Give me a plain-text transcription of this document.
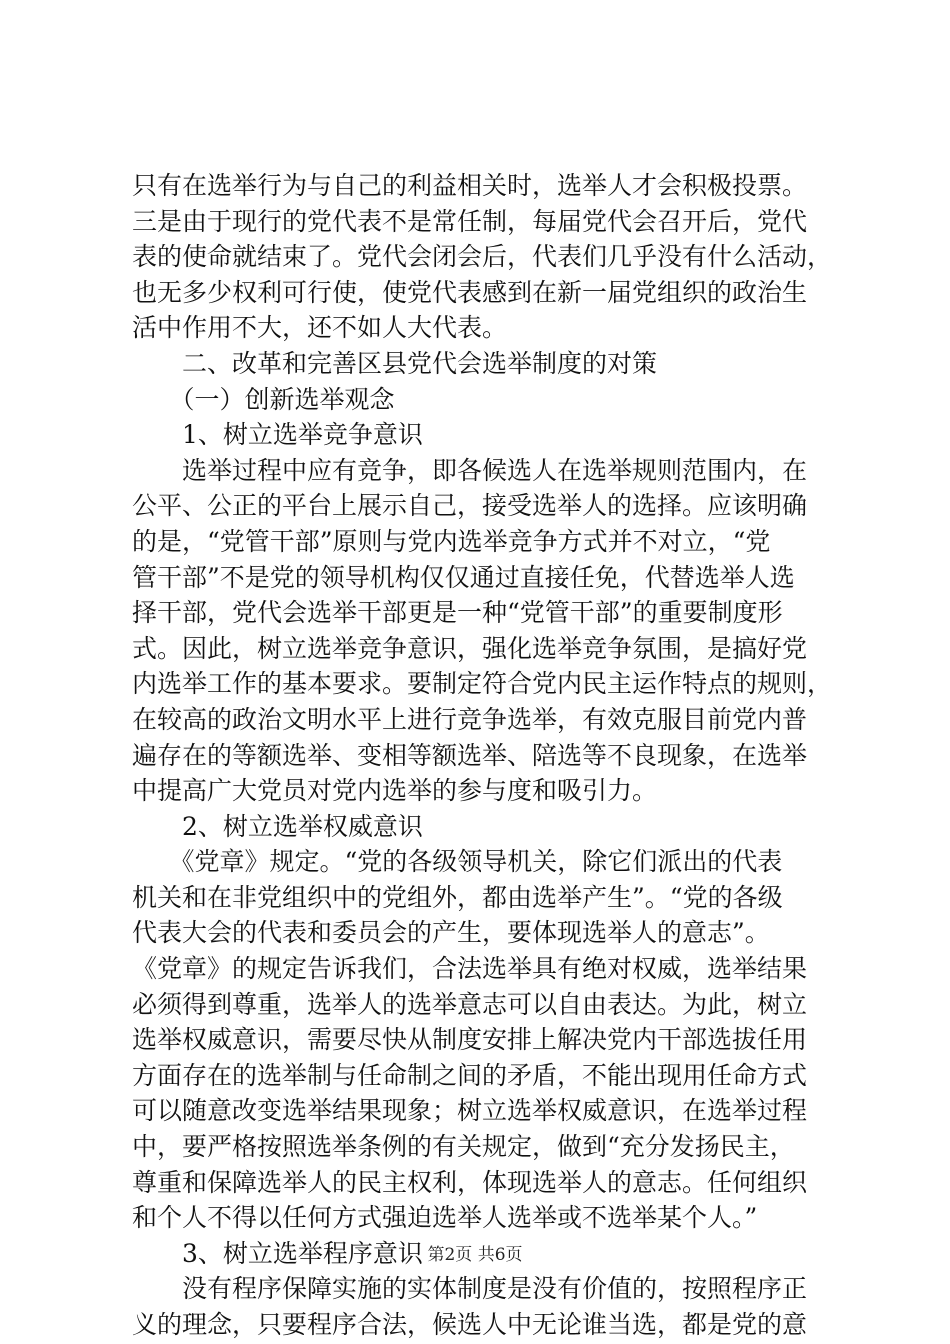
只有在选举行为与自己的利益相关时，选举人才会积极投票。
三是由于现行的党代表不是常任制，每届党代会召开后，党代
表的使命就结束了。党代会闭会后，代表们几乎没有什么活动，
也无多少权利可行使，使党代表感到在新一届党组织的政治生
活中作用不大，还不如人大代表。
　　二、改革和完善区县党代会选举制度的对策
　　（一）创新选举观念
　　1、树立选举竞争意识
　　选举过程中应有竞争，即各候选人在选举规则范围内，在
公平、公正的平台上展示自己，接受选举人的选择。应该明确
的是，“党管干部”原则与党内选举竞争方式并不对立，“党
管干部”不是党的领导机构仅仅通过直接任免，代替选举人选
择干部，党代会选举干部更是一种“党管干部”的重要制度形
式。因此，树立选举竞争意识，强化选举竞争氛围，是搞好党
内选举工作的基本要求。要制定符合党内民主运作特点的规则，
在较高的政治文明水平上进行竞争选举，有效克服目前党内普
遍存在的等额选举、变相等额选举、陪选等不良现象，在选举
中提高广大党员对党内选举的参与度和吸引力。
　　2、树立选举权威意识
　　《党章》规定。“党的各级领导机关，除它们派出的代表
机关和在非党组织中的党组外，都由选举产生”。“党的各级
代表大会的代表和委员会的产生，要体现选举人的意志”。
《党章》的规定告诉我们，合法选举具有绝对权威，选举结果
必须得到尊重，选举人的选举意志可以自由表达。为此，树立
选举权威意识，需要尽快从制度安排上解决党内干部选拔任用
方面存在的选举制与任命制之间的矛盾，不能出现用任命方式
可以随意改变选举结果现象；树立选举权威意识，在选举过程
中，要严格按照选举条例的有关规定，做到“充分发扬民主，
尊重和保障选举人的民主权利，体现选举人的意志。任何组织
和个人不得以任何方式强迫选举人选举或不选举某个人。”
　　3、树立选举程序意识
　　没有程序保障实施的实体制度是没有价值的，按照程序正
义的理念，只要程序合法，候选人中无论谁当选，都是党的意
第2页 共6页
